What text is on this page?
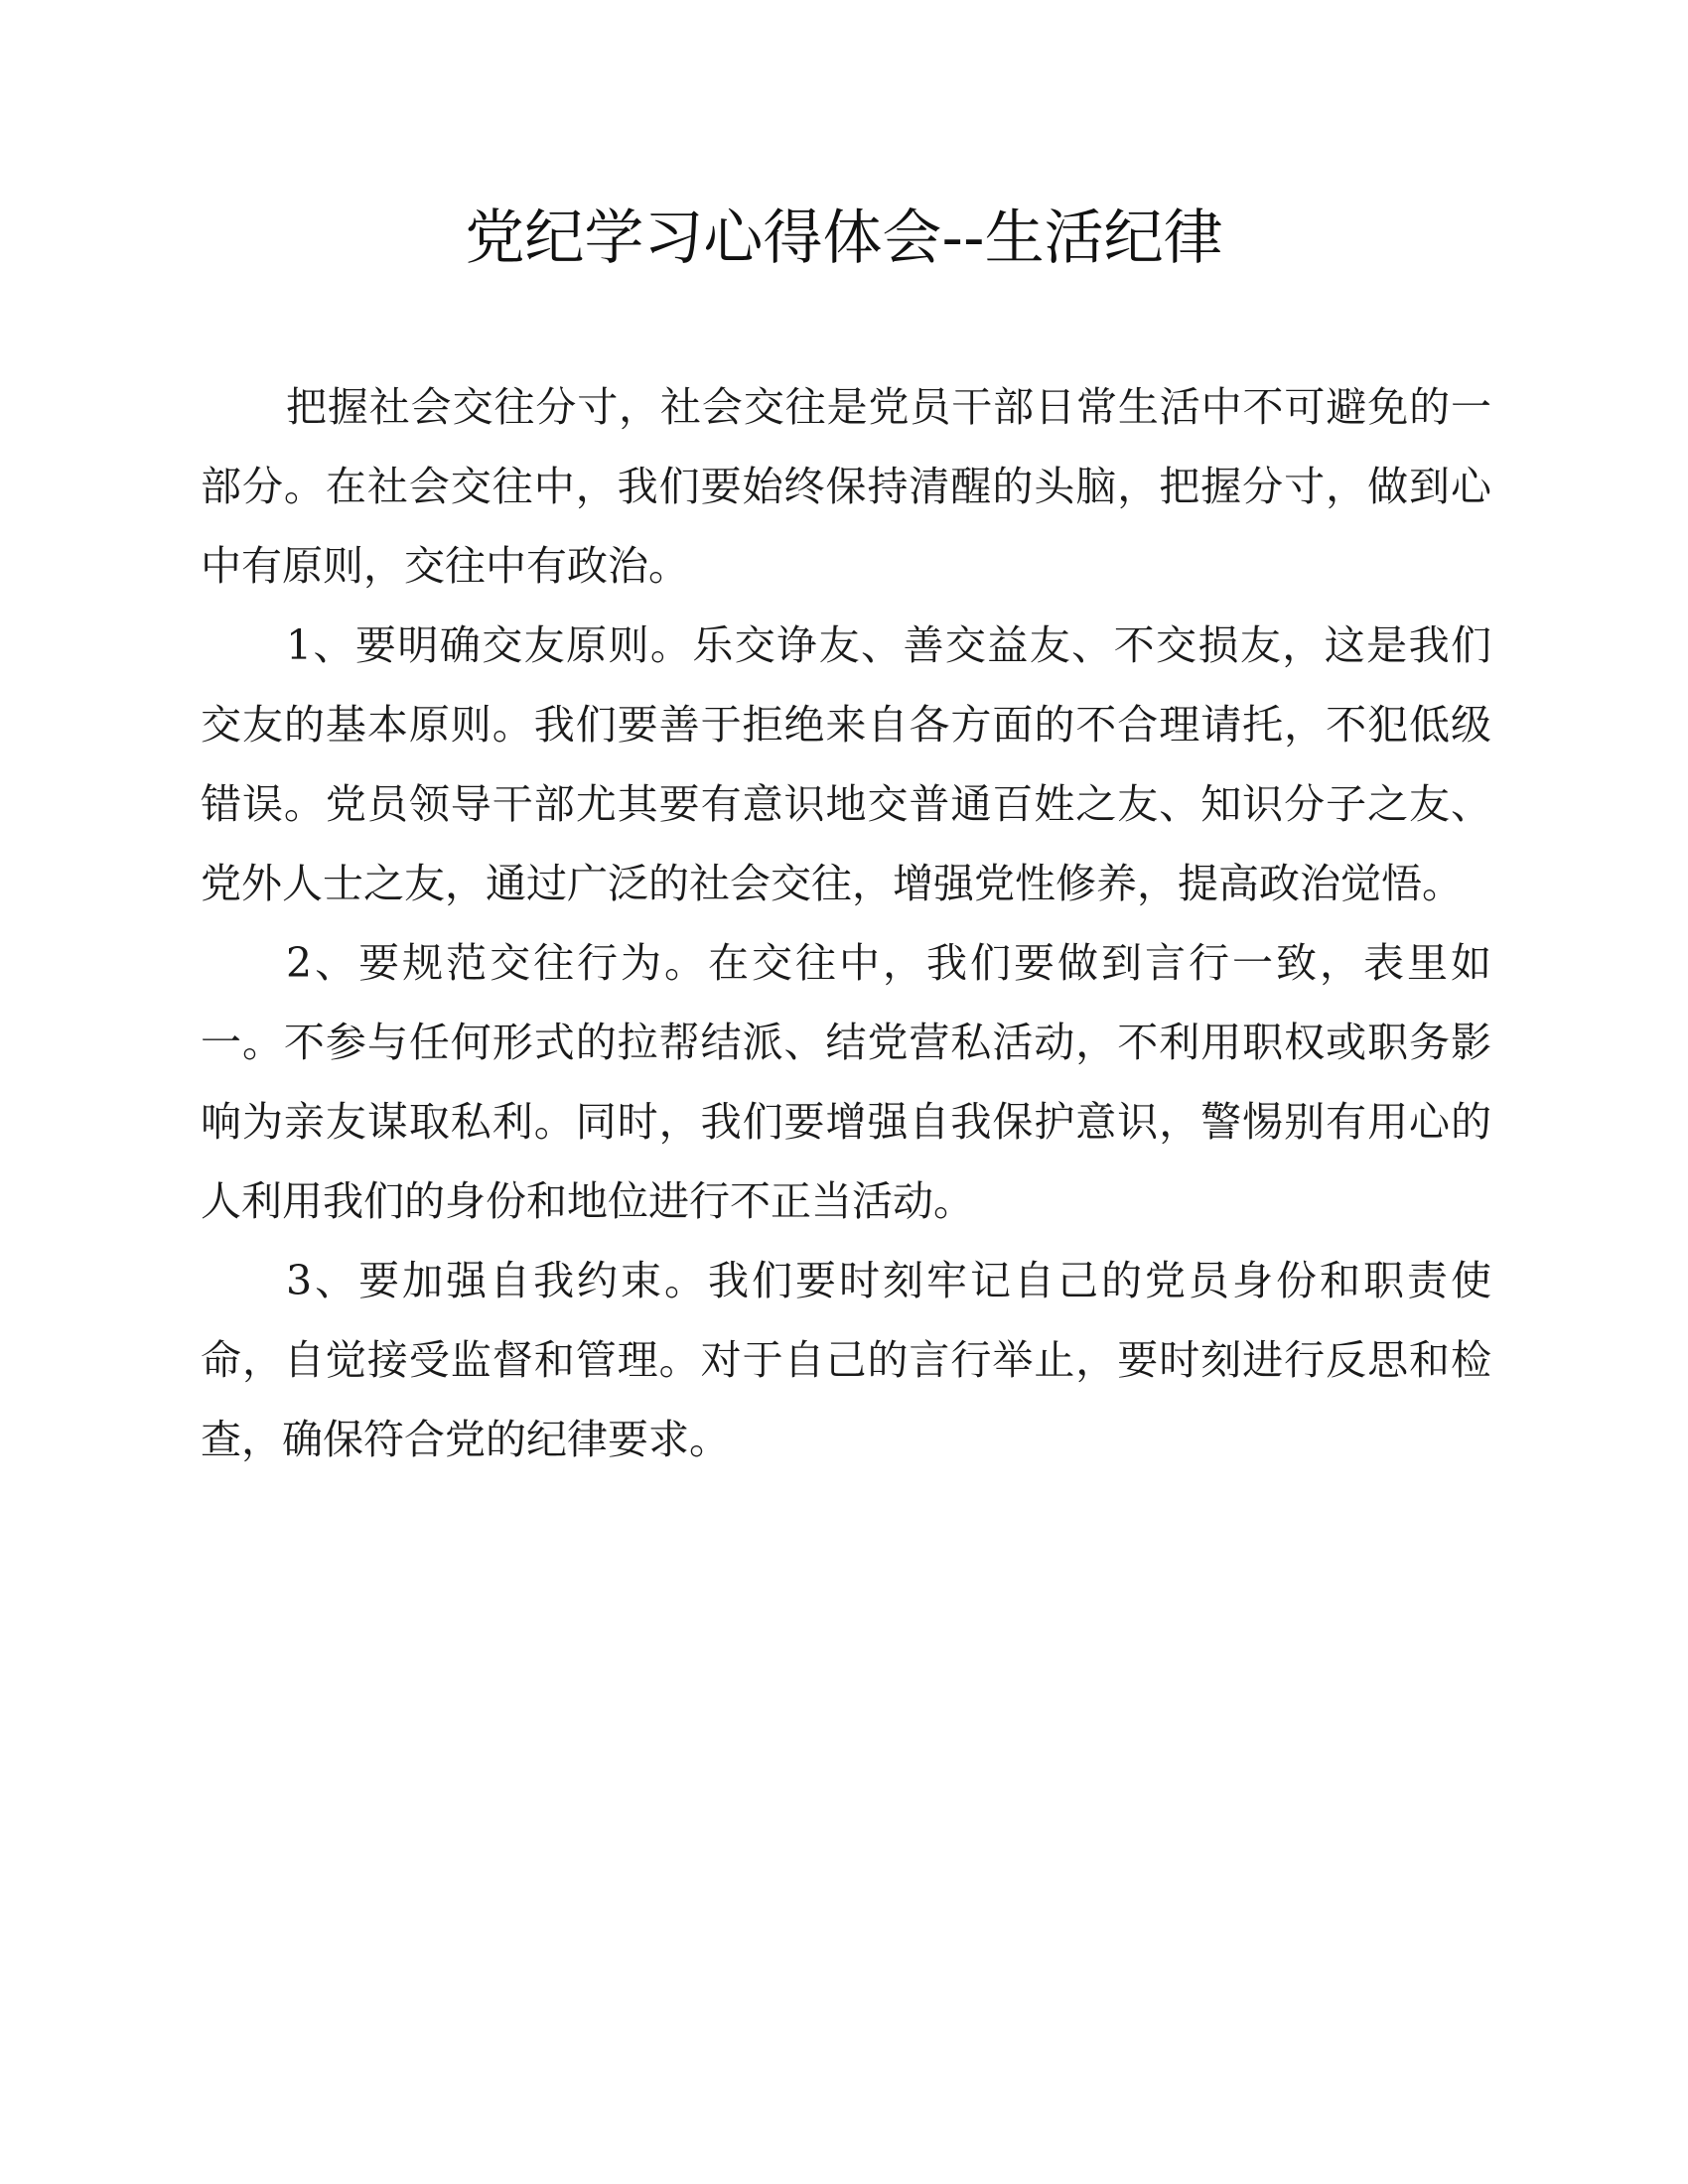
党纪学习心得体会--生活纪律

把握社会交往分寸，社会交往是党员干部日常生活中不可避免的一部分。在社会交往中，我们要始终保持清醒的头脑，把握分寸，做到心中有原则，交往中有政治。

1、要明确交友原则。乐交诤友、善交益友、不交损友，这是我们交友的基本原则。我们要善于拒绝来自各方面的不合理请托，不犯低级错误。党员领导干部尤其要有意识地交普通百姓之友、知识分子之友、党外人士之友，通过广泛的社会交往，增强党性修养，提高政治觉悟。

2、要规范交往行为。在交往中，我们要做到言行一致，表里如一。不参与任何形式的拉帮结派、结党营私活动，不利用职权或职务影响为亲友谋取私利。同时，我们要增强自我保护意识，警惕别有用心的人利用我们的身份和地位进行不正当活动。

3、要加强自我约束。我们要时刻牢记自己的党员身份和职责使命，自觉接受监督和管理。对于自己的言行举止，要时刻进行反思和检查，确保符合党的纪律要求。
